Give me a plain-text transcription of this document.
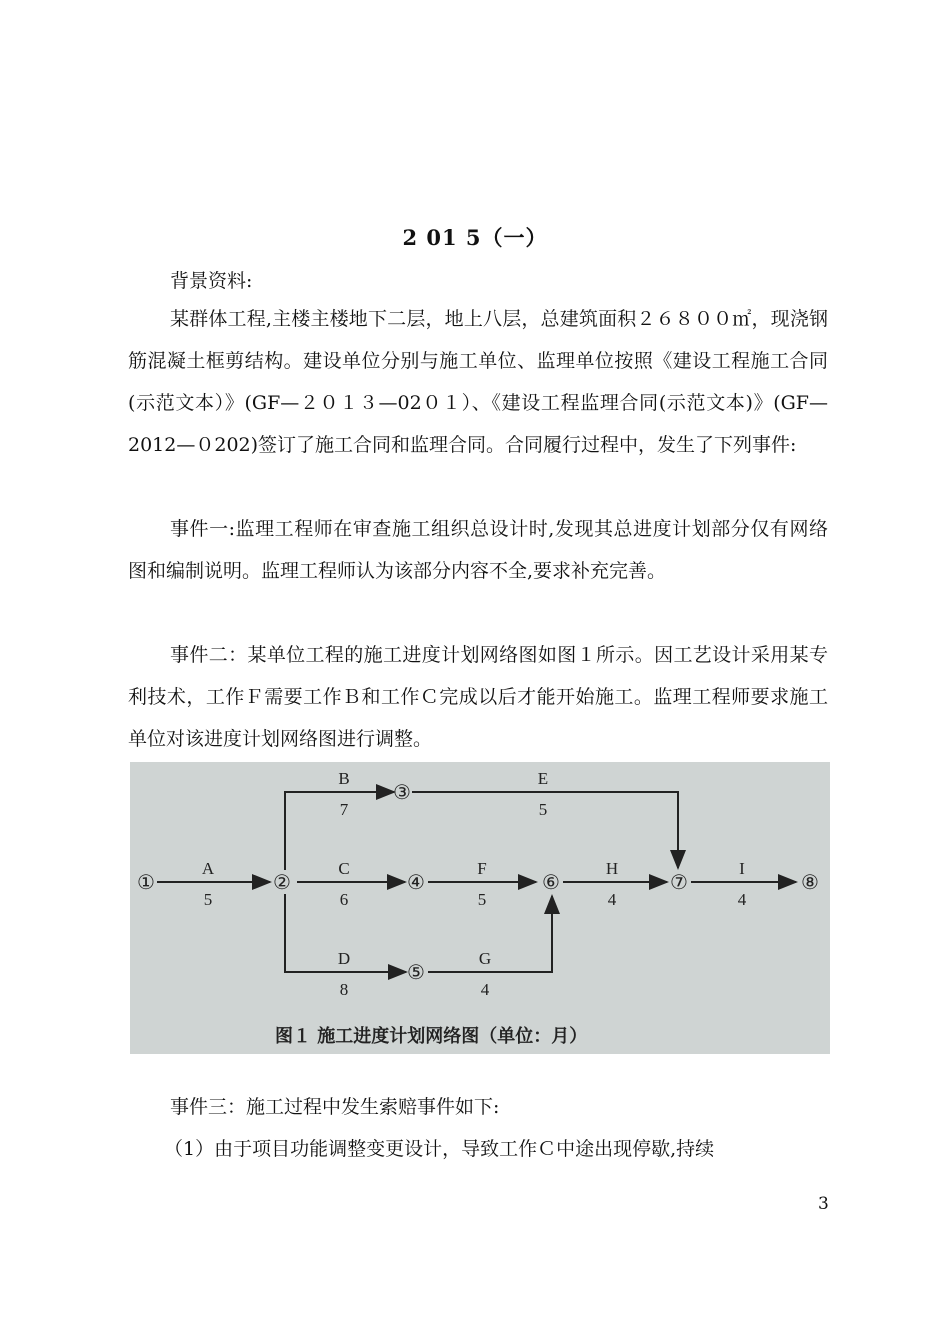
2 01 5（一）

背景资料:

某群体工程,主楼主楼地下二层，地上八层，总建筑面积２６８００㎡，现浇钢筋混凝土框剪结构。建设单位分别与施工单位、监理单位按照《建设工程施工合同(示范文本）》(GF—２０１３—02０１）、《建设工程监理合同(示范文本)》(GF—2012—０202)签订了施工合同和监理合同。合同履行过程中，发生了下列事件:

事件一:监理工程师在审查施工组织总设计时,发现其总进度计划部分仅有网络图和编制说明。监理工程师认为该部分内容不全,要求补充完善。

事件二：某单位工程的施工进度计划网络图如图１所示。因工艺设计采用某专利技术，工作Ｆ需要工作Ｂ和工作Ｃ完成以后才能开始施工。监理工程师要求施工单位对该进度计划网络图进行调整。

①	②
③
④
⑤
⑥	⑦	⑧
A
5
B
7
C
6
D
8
E
5
F
5
G
4
H
4
I
4
图１ 施工进度计划网络图（单位：月）

事件三：施工过程中发生索赔事件如下:

（1）由于项目功能调整变更设计，导致工作Ｃ中途出现停歇,持续

3
